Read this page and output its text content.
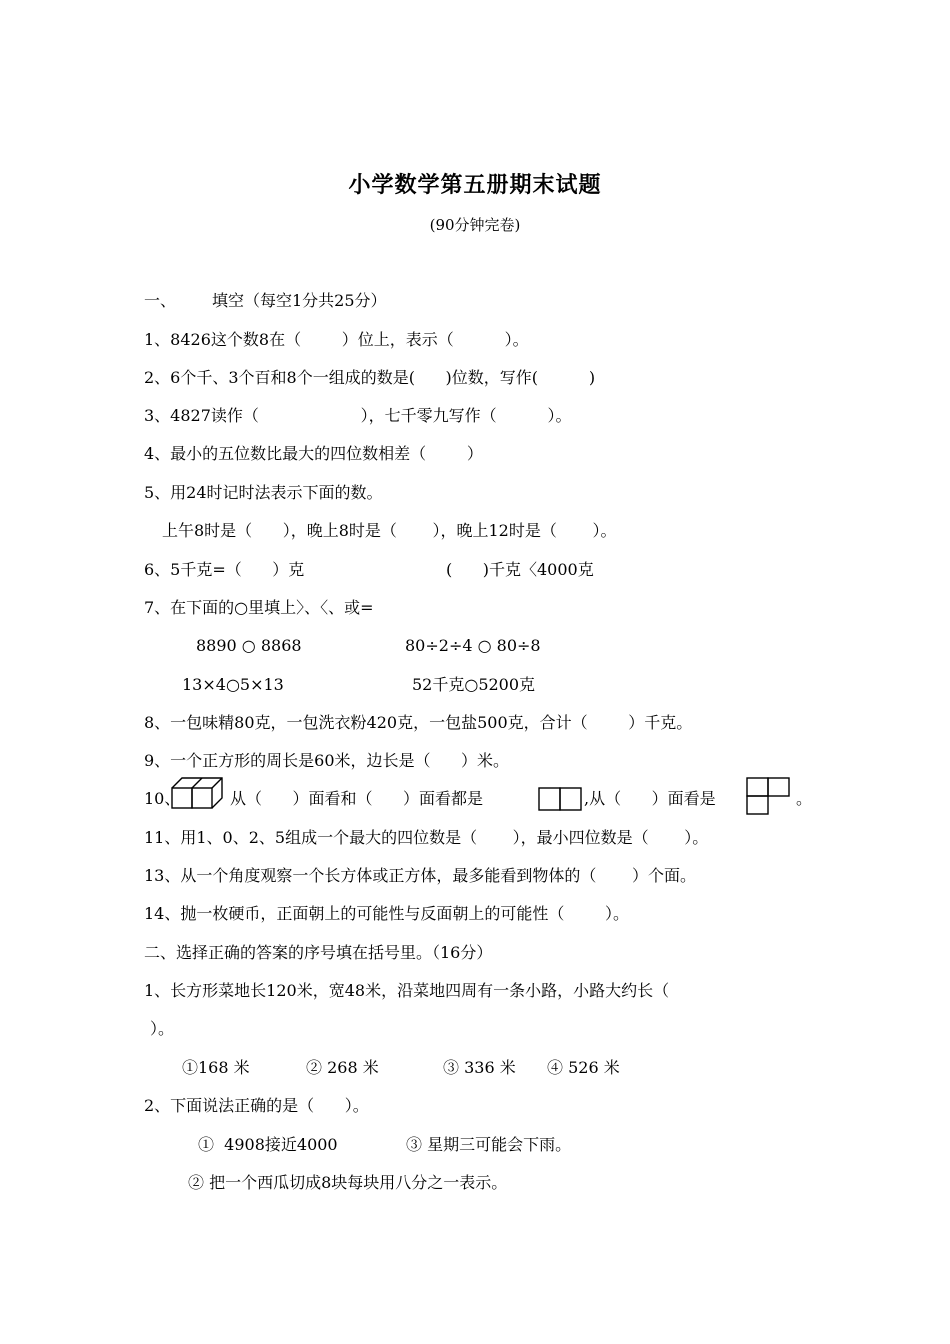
小学数学第五册期末试题
(90分钟完卷)
一、 填空（每空1分共25分）
1、8426这个数8在（        ）位上，表示（          ）。
2、6个千、3个百和8个一组成的数是(      )位数，写作(          )
3、4827读作（                    ），七千零九写作（          ）。
4、最小的五位数比最大的四位数相差（        ）
5、用24时记时法表示下面的数。
上午8时是（      ），晚上8时是（       ），晚上12时是（       ）。
6、5千克=（      ）克	(      )千克〈4000克
7、在下面的○里填上〉、〈、或=
8890 ○ 8868	80÷2÷4 ○ 80÷8
13×4○5×13	52千克○5200克
8、一包味精80克，一包洗衣粉420克，一包盐500克，合计（        ）千克。
9、一个正方形的周长是60米，边长是（      ）米。
10、	从（      ）面看和（      ）面看都是	,从（      ）面看是	。
11、用1、0、2、5组成一个最大的四位数是（       ），最小四位数是（       ）。
13、从一个角度观察一个长方体或正方体，最多能看到物体的（       ）个面。
14、抛一枚硬币，正面朝上的可能性与反面朝上的可能性（        ）。
二、选择正确的答案的序号填在括号里。（16分）
1、长方形菜地长120米，宽48米，沿菜地四周有一条小路，小路大约长（
）。
①168 米	② 268 米	③ 336 米 ④ 526 米
2、下面说法正确的是（      ）。
①  4908接近4000	③ 星期三可能会下雨。
② 把一个西瓜切成8块每块用八分之一表示。
